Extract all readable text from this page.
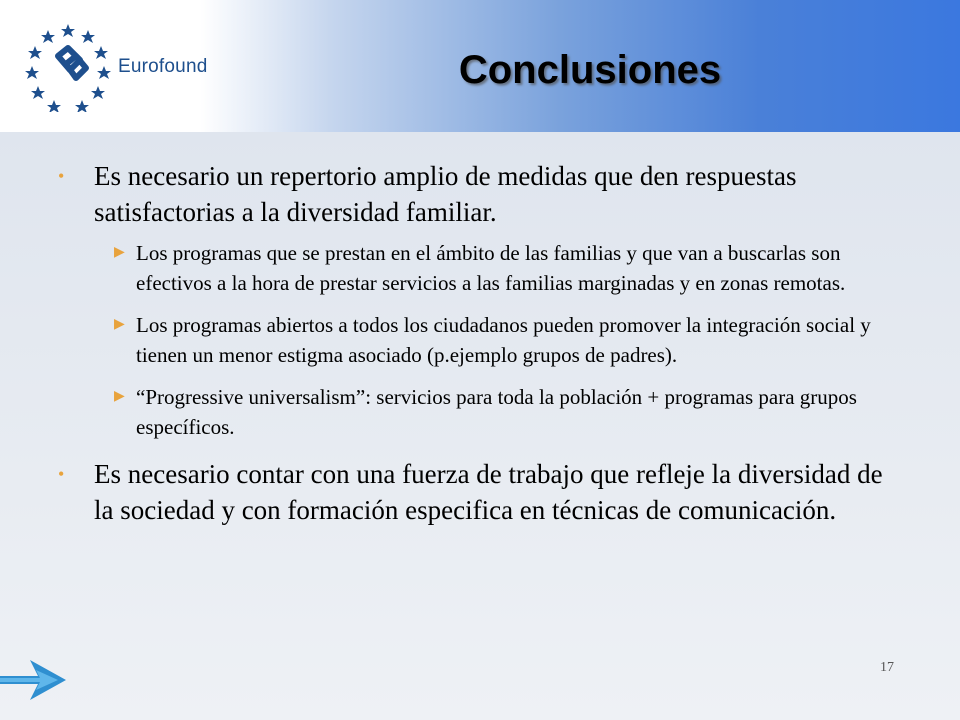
Eurofound	Conclusiones
• Es necesario un repertorio amplio de medidas que den respuestas satisfactorias a la diversidad familiar.
▶ Los programas que se prestan en el ámbito de las familias y que van a buscarlas son efectivos a la hora de prestar servicios a las familias marginadas y en zonas remotas.
▶ Los programas abiertos a todos los ciudadanos pueden promover la integración social y tienen un menor estigma asociado (p.ejemplo grupos de padres).
▶ “Progressive universalism”: servicios para toda la población + programas para grupos específicos.
• Es necesario contar con una fuerza de trabajo que refleje la diversidad de la sociedad y con formación especifica en técnicas de comunicación.
17
